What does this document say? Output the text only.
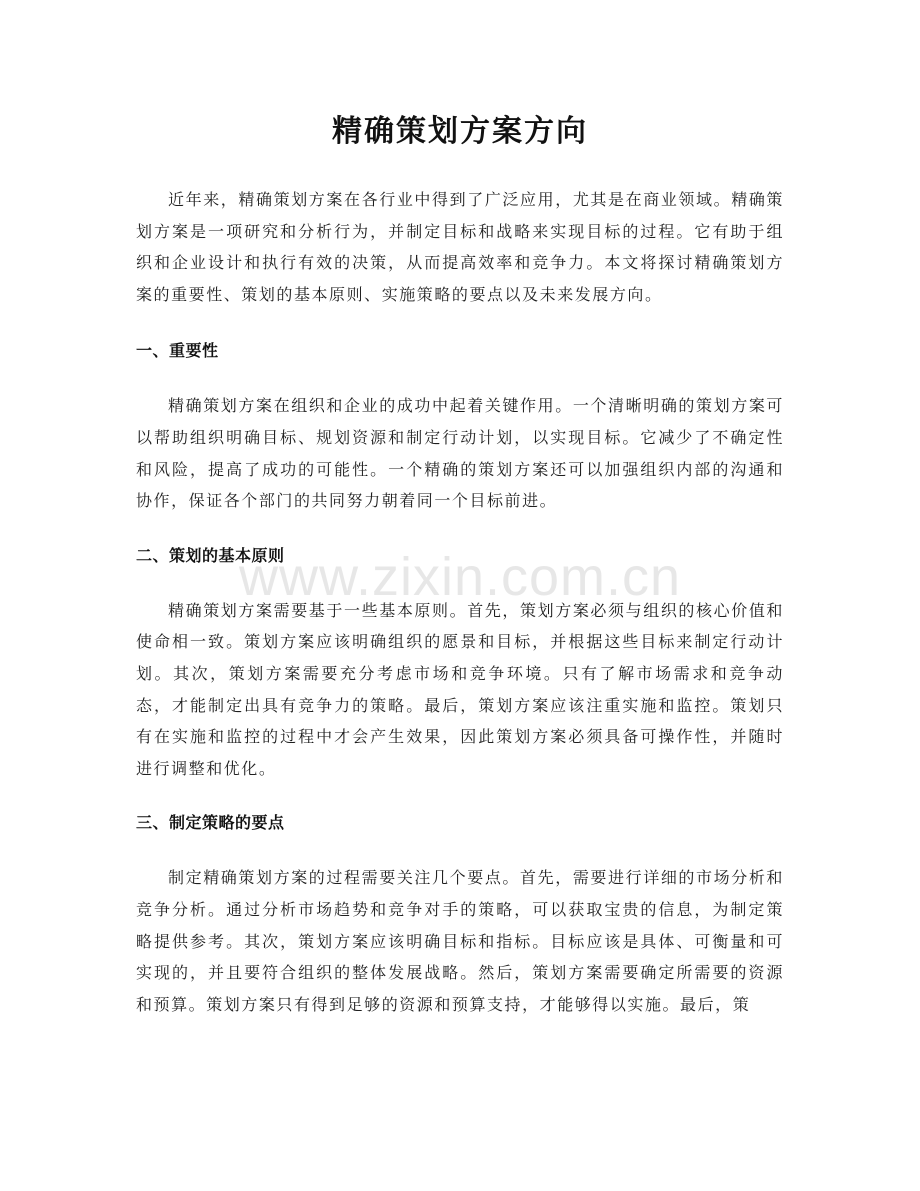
精确策划方案方向

近年来，精确策划方案在各行业中得到了广泛应用，尤其是在商业领域。精确策划方案是一项研究和分析行为，并制定目标和战略来实现目标的过程。它有助于组织和企业设计和执行有效的决策，从而提高效率和竞争力。本文将探讨精确策划方案的重要性、策划的基本原则、实施策略的要点以及未来发展方向。

一、重要性

精确策划方案在组织和企业的成功中起着关键作用。一个清晰明确的策划方案可以帮助组织明确目标、规划资源和制定行动计划，以实现目标。它减少了不确定性和风险，提高了成功的可能性。一个精确的策划方案还可以加强组织内部的沟通和协作，保证各个部门的共同努力朝着同一个目标前进。

二、策划的基本原则

精确策划方案需要基于一些基本原则。首先，策划方案必须与组织的核心价值和使命相一致。策划方案应该明确组织的愿景和目标，并根据这些目标来制定行动计划。其次，策划方案需要充分考虑市场和竞争环境。只有了解市场需求和竞争动态，才能制定出具有竞争力的策略。最后，策划方案应该注重实施和监控。策划只有在实施和监控的过程中才会产生效果，因此策划方案必须具备可操作性，并随时进行调整和优化。

三、制定策略的要点

制定精确策划方案的过程需要关注几个要点。首先，需要进行详细的市场分析和竞争分析。通过分析市场趋势和竞争对手的策略，可以获取宝贵的信息，为制定策略提供参考。其次，策划方案应该明确目标和指标。目标应该是具体、可衡量和可实现的，并且要符合组织的整体发展战略。然后，策划方案需要确定所需要的资源和预算。策划方案只有得到足够的资源和预算支持，才能够得以实施。最后，策

www.zixin.com.cn
